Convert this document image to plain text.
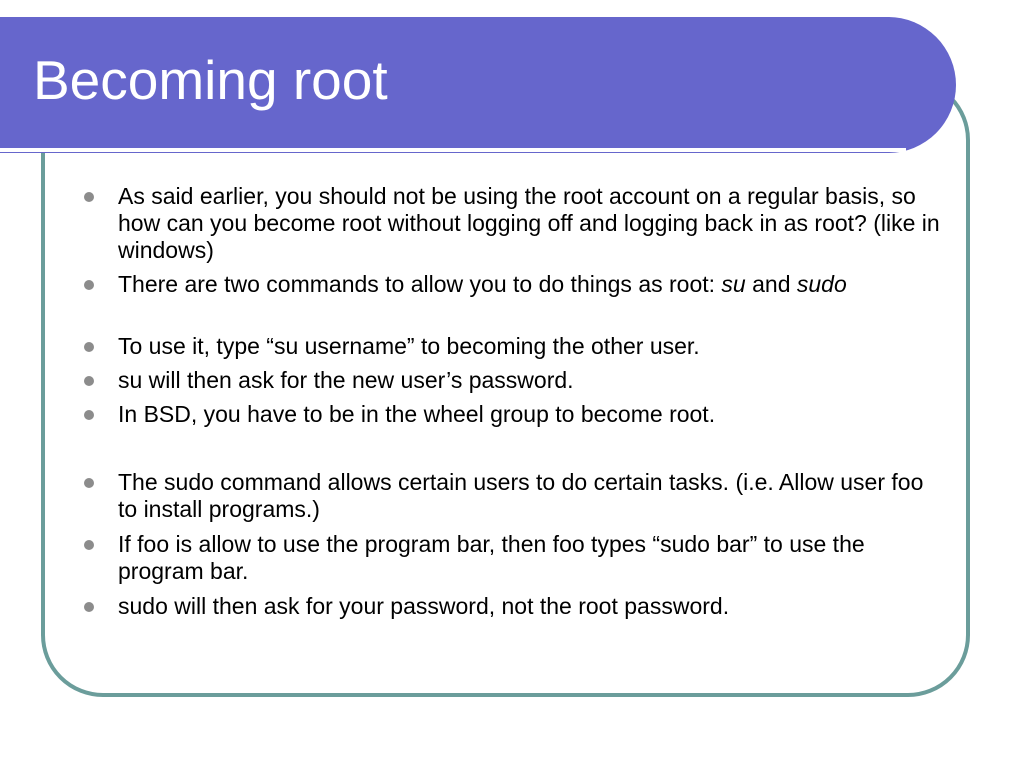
Becoming root
As said earlier, you should not be using the root account on a regular basis, so how can you become root without logging off and logging back in as root? (like in windows)
There are two commands to allow you to do things as root: su and sudo
To use it, type “su username” to becoming the other user.
su will then ask for the new user’s password.
In BSD, you have to be in the wheel group to become root.
The sudo command allows certain users to do certain tasks. (i.e. Allow user foo to install programs.)
If foo is allow to use the program bar, then foo types “sudo bar” to use the program bar.
sudo will then ask for your password, not the root password.
